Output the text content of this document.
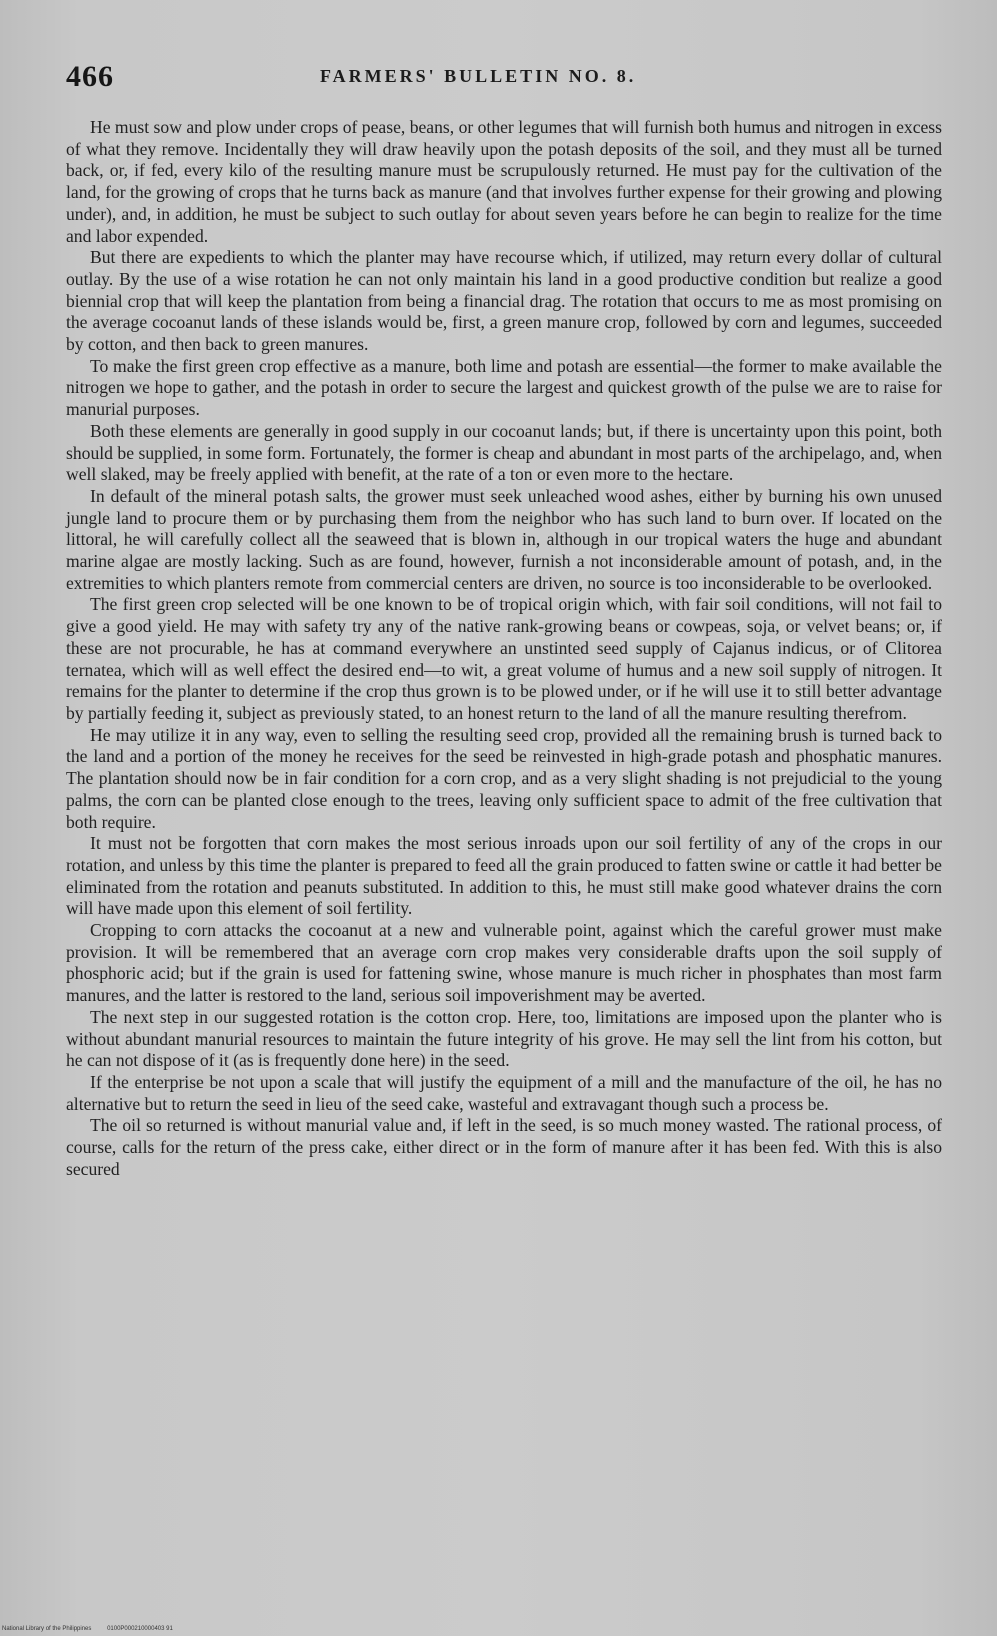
466	FARMERS' BULLETIN NO. 8.

He must sow and plow under crops of pease, beans, or other legumes that will furnish both humus and nitrogen in excess of what they remove. Incidentally they will draw heavily upon the potash deposits of the soil, and they must all be turned back, or, if fed, every kilo of the resulting manure must be scrupulously returned. He must pay for the cultivation of the land, for the growing of crops that he turns back as manure (and that involves further expense for their growing and plowing under), and, in addition, he must be subject to such outlay for about seven years before he can begin to realize for the time and labor expended.

But there are expedients to which the planter may have recourse which, if utilized, may return every dollar of cultural outlay. By the use of a wise rotation he can not only maintain his land in a good productive condition but realize a good biennial crop that will keep the plantation from being a financial drag. The rotation that occurs to me as most promising on the average cocoanut lands of these islands would be, first, a green manure crop, followed by corn and legumes, succeeded by cotton, and then back to green manures.

To make the first green crop effective as a manure, both lime and potash are essential—the former to make available the nitrogen we hope to gather, and the potash in order to secure the largest and quickest growth of the pulse we are to raise for manurial purposes.

Both these elements are generally in good supply in our cocoanut lands; but, if there is uncertainty upon this point, both should be supplied, in some form. Fortunately, the former is cheap and abundant in most parts of the archipelago, and, when well slaked, may be freely applied with benefit, at the rate of a ton or even more to the hectare.

In default of the mineral potash salts, the grower must seek unleached wood ashes, either by burning his own unused jungle land to procure them or by purchasing them from the neighbor who has such land to burn over. If located on the littoral, he will carefully collect all the seaweed that is blown in, although in our tropical waters the huge and abundant marine algae are mostly lacking. Such as are found, however, furnish a not inconsiderable amount of potash, and, in the extremities to which planters remote from commercial centers are driven, no source is too inconsiderable to be overlooked.

The first green crop selected will be one known to be of tropical origin which, with fair soil conditions, will not fail to give a good yield. He may with safety try any of the native rank-growing beans or cowpeas, soja, or velvet beans; or, if these are not procurable, he has at command everywhere an unstinted seed supply of Cajanus indicus, or of Clitorea ternatea, which will as well effect the desired end—to wit, a great volume of humus and a new soil supply of nitrogen. It remains for the planter to determine if the crop thus grown is to be plowed under, or if he will use it to still better advantage by partially feeding it, subject as previously stated, to an honest return to the land of all the manure resulting therefrom.

He may utilize it in any way, even to selling the resulting seed crop, provided all the remaining brush is turned back to the land and a portion of the money he receives for the seed be reinvested in high-grade potash and phosphatic manures. The plantation should now be in fair condition for a corn crop, and as a very slight shading is not prejudicial to the young palms, the corn can be planted close enough to the trees, leaving only sufficient space to admit of the free cultivation that both require.

It must not be forgotten that corn makes the most serious inroads upon our soil fertility of any of the crops in our rotation, and unless by this time the planter is prepared to feed all the grain produced to fatten swine or cattle it had better be eliminated from the rotation and peanuts substituted. In addition to this, he must still make good whatever drains the corn will have made upon this element of soil fertility.

Cropping to corn attacks the cocoanut at a new and vulnerable point, against which the careful grower must make provision. It will be remembered that an average corn crop makes very considerable drafts upon the soil supply of phosphoric acid; but if the grain is used for fattening swine, whose manure is much richer in phosphates than most farm manures, and the latter is restored to the land, serious soil impoverishment may be averted.

The next step in our suggested rotation is the cotton crop. Here, too, limitations are imposed upon the planter who is without abundant manurial resources to maintain the future integrity of his grove. He may sell the lint from his cotton, but he can not dispose of it (as is frequently done here) in the seed.

If the enterprise be not upon a scale that will justify the equipment of a mill and the manufacture of the oil, he has no alternative but to return the seed in lieu of the seed cake, wasteful and extravagant though such a process be.

The oil so returned is without manurial value and, if left in the seed, is so much money wasted. The rational process, of course, calls for the return of the press cake, either direct or in the form of manure after it has been fed. With this is also secured

National Library of the Philippines	0100P000210000403 91
